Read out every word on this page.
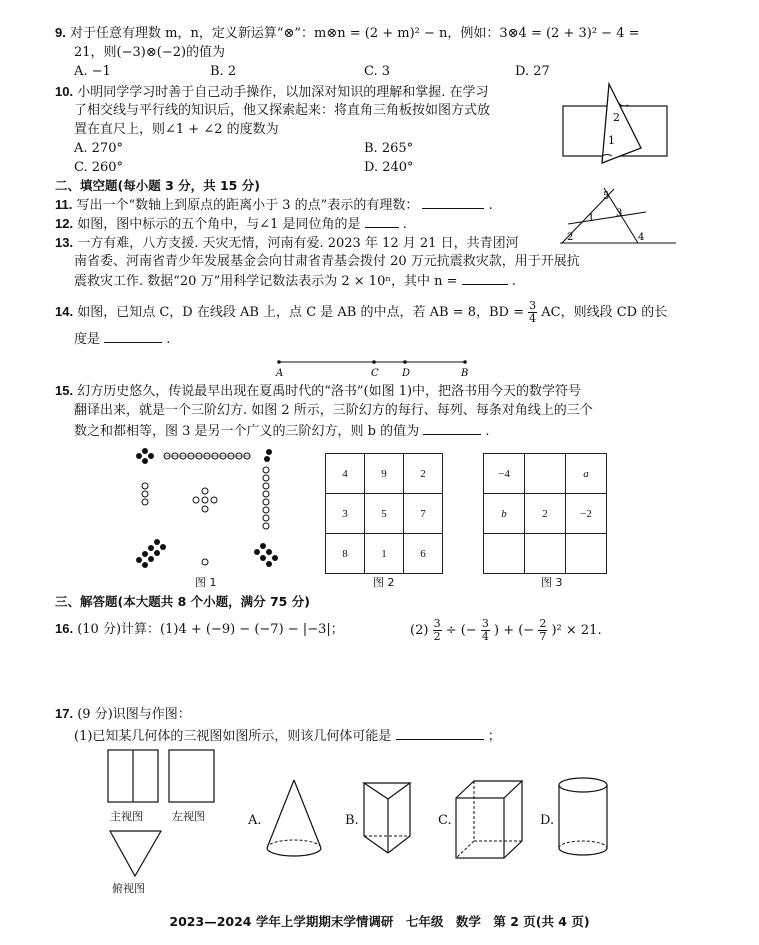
9. 对于任意有理数 m，n，定义新运算“⊗”：m⊗n = (2 + m)² − n，例如：3⊗4 = (2 + 3)² − 4 =
21，则(−3)⊗(−2)的值为
A. −1	B. 2	C. 3	D. 27
10. 小明同学学习时善于自己动手操作，以加深对知识的理解和掌握. 在学习
了相交线与平行线的知识后，他又探索起来：将直角三角板按如图方式放
置在直尺上，则∠1 + ∠2 的度数为
A. 270°	B. 265°
C. 260°	D. 240°
2
1
二、填空题(每小题 3 分，共 15 分)
11. 写出一个“数轴上到原点的距离小于 3 的点”表示的有理数：	.
12. 如图，图中标示的五个角中，与∠1 是同位角的是	.
5
1 3
2	4
13. 一方有难，八方支援. 天灾无情，河南有爱. 2023 年 12 月 21 日，共青团河
南省委、河南省青少年发展基金会向甘肃省青基会拨付 20 万元抗震救灾款，用于开展抗
震救灾工作. 数据“20 万”用科学记数法表示为 2 × 10ⁿ，其中 n =	.
14. 如图，已知点 C，D 在线段 AB 上，点 C 是 AB 的中点，若 AB = 8，BD = $\frac{3}{4}$ AC，则线段 CD 的长
度是	.
A	C D	B
15. 幻方历史悠久，传说最早出现在夏禹时代的“洛书”(如图 1)中，把洛书用今天的数学符号
翻译出来，就是一个三阶幻方. 如图 2 所示，三阶幻方的每行、每列、每条对角线上的三个
数之和都相等，图 3 是另一个广义的三阶幻方，则 b 的值为	.
图 1
4	9	2
3	5	7
8	1	6
图 2
−4		a
b	2	−2

图 3
三、解答题(本大题共 8 个小题，满分 75 分)
16. (10 分)计算：(1)4 + (−9) − (−7) − |−3|；	$(2) \frac{3}{2}$ ÷ (− $\frac{3}{4}$ ) + (− $\frac{2}{7} )^2 \times 21$.
17. (9 分)识图与作图：
(1)已知某几何体的三视图如图所示，则该几何体可能是	；
主视图	左视图
俯视图
A.	B.	C.	D.
2023—2024 学年上学期期末学情调研　七年级　数学　第 2 页(共 4 页)
